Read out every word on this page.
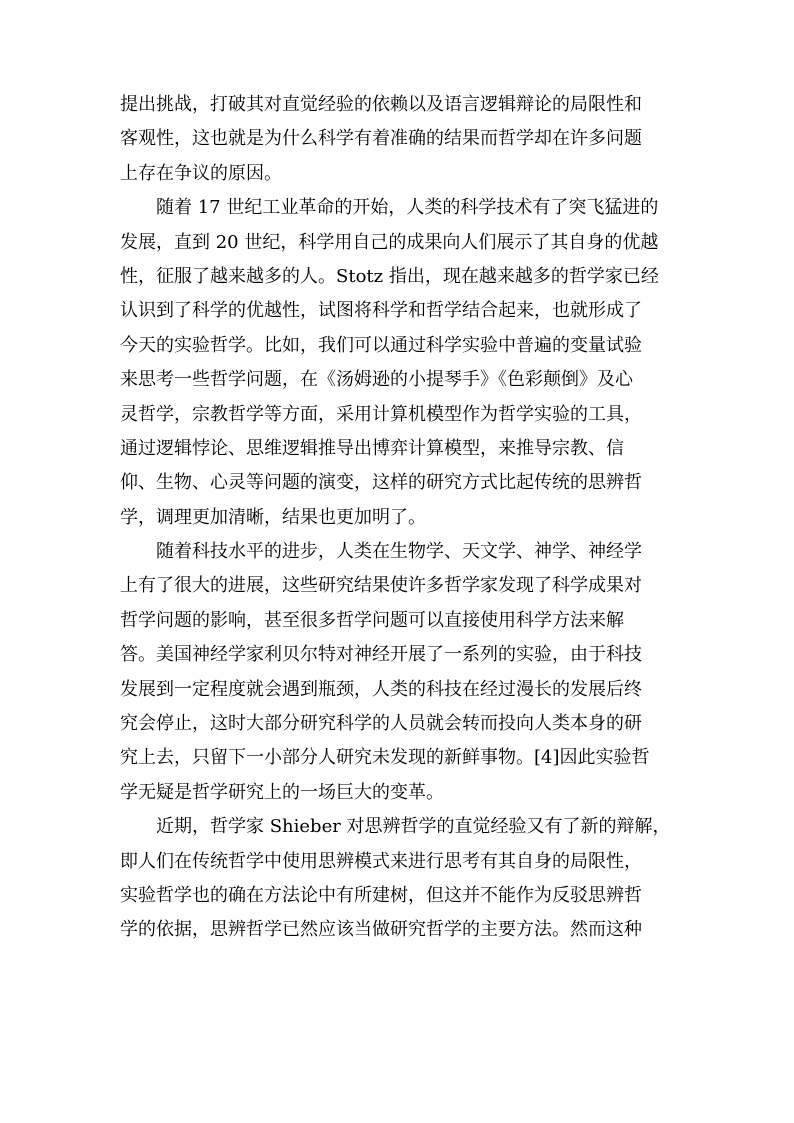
提出挑战，打破其对直觉经验的依赖以及语言逻辑辩论的局限性和
客观性，这也就是为什么科学有着准确的结果而哲学却在许多问题
上存在争议的原因。
随着 17 世纪工业革命的开始，人类的科学技术有了突飞猛进的
发展，直到 20 世纪，科学用自己的成果向人们展示了其自身的优越
性，征服了越来越多的人。Stotz 指出，现在越来越多的哲学家已经
认识到了科学的优越性，试图将科学和哲学结合起来，也就形成了
今天的实验哲学。比如，我们可以通过科学实验中普遍的变量试验
来思考一些哲学问题，在《汤姆逊的小提琴手》《色彩颠倒》及心
灵哲学，宗教哲学等方面，采用计算机模型作为哲学实验的工具，
通过逻辑悖论、思维逻辑推导出博弈计算模型，来推导宗教、信
仰、生物、心灵等问题的演变，这样的研究方式比起传统的思辨哲
学，调理更加清晰，结果也更加明了。
随着科技水平的进步，人类在生物学、天文学、神学、神经学
上有了很大的进展，这些研究结果使许多哲学家发现了科学成果对
哲学问题的影响，甚至很多哲学问题可以直接使用科学方法来解
答。美国神经学家利贝尔特对神经开展了一系列的实验，由于科技
发展到一定程度就会遇到瓶颈，人类的科技在经过漫长的发展后终
究会停止，这时大部分研究科学的人员就会转而投向人类本身的研
究上去，只留下一小部分人研究未发现的新鲜事物。[4]因此实验哲
学无疑是哲学研究上的一场巨大的变革。
近期，哲学家 Shieber 对思辨哲学的直觉经验又有了新的辩解，
即人们在传统哲学中使用思辨模式来进行思考有其自身的局限性，
实验哲学也的确在方法论中有所建树，但这并不能作为反驳思辨哲
学的依据，思辨哲学已然应该当做研究哲学的主要方法。然而这种
